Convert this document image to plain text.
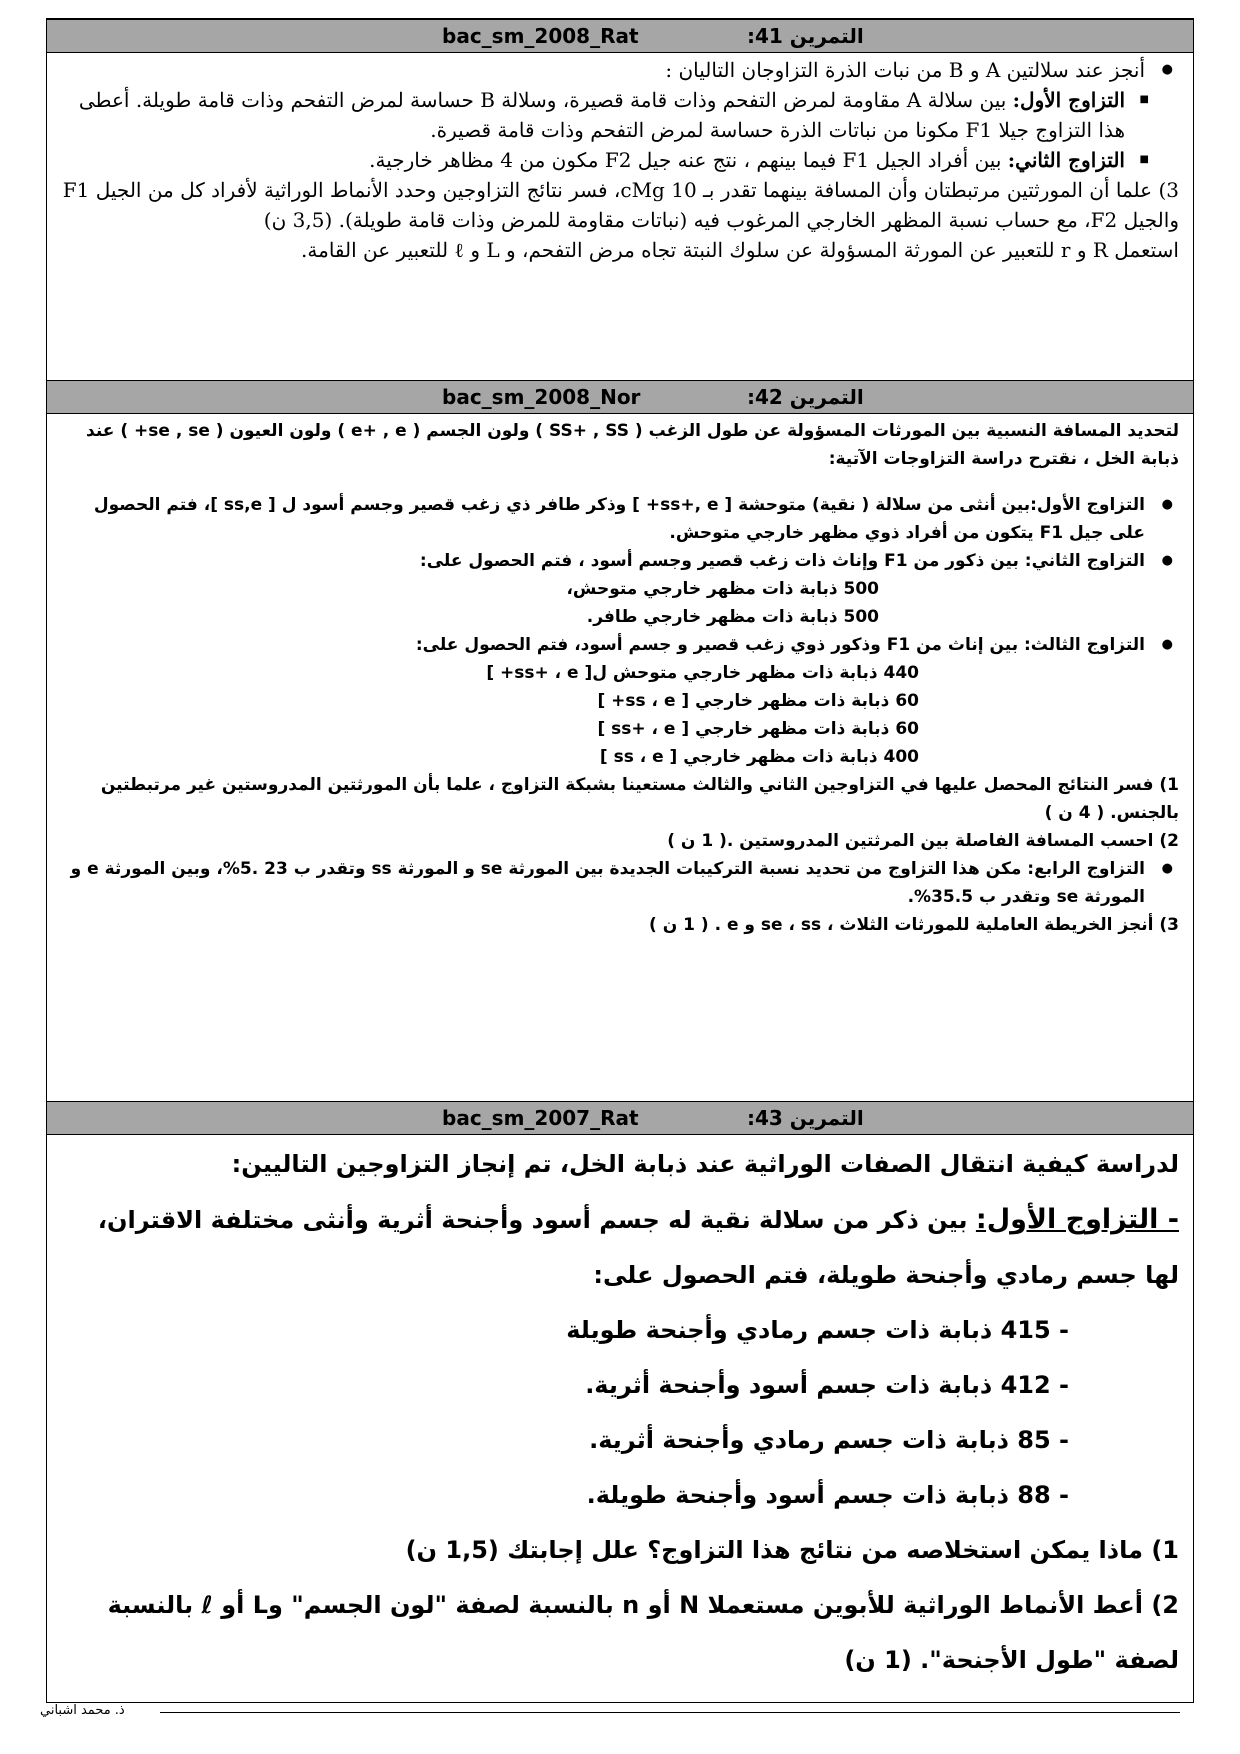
bac_sm_2008_Rat	التمرين 41:

● أنجز عند سلالتين A و B من نبات الذرة التزاوجان التاليان :

■ التزاوج الأول: بين سلالة A مقاومة لمرض التفحم وذات قامة قصيرة، وسلالة B حساسة لمرض التفحم وذات قامة طويلة. أعطى هذا التزاوج جيلا F1 مكونا من نباتات الذرة حساسة لمرض التفحم وذات قامة قصيرة.

■ التزاوج الثاني: بين أفراد الجيل F1 فيما بينهم ، نتج عنه جيل F2 مكون من 4 مظاهر خارجية.

3) علما أن المورثتين مرتبطتان وأن المسافة بينهما تقدر بـ 10 cMg، فسر نتائج التزاوجين وحدد الأنماط الوراثية لأفراد كل من الجيل F1 والجيل F2، مع حساب نسبة المظهر الخارجي المرغوب فيه (نباتات مقاومة للمرض وذات قامة طويلة). (3,5 ن)

استعمل R و r للتعبير عن المورثة المسؤولة عن سلوك النبتة تجاه مرض التفحم، و L و ℓ للتعبير عن القامة.

bac_sm_2008_Nor	التمرين 42:

لتحديد المسافة النسبية بين المورثات المسؤولة عن طول الزغب ( SS+ , SS ) ولون الجسم ( e+ , e ) ولون العيون ( se , se+ ) عند ذبابة الخل ، نقترح دراسة التزاوجات الآتية:

● التزاوج الأول:بين أنثى من سلالة ( نقية) متوحشة [ ss+, e+ ] وذكر طافر ذي زغب قصير وجسم أسود ل [ ss,e ]، فتم الحصول على جيل F1 يتكون من أفراد ذوي مظهر خارجي متوحش.

● التزاوج الثاني: بين ذكور من F1 وإناث ذات زغب قصير وجسم أسود ، فتم الحصول على:

500 ذبابة ذات مظهر خارجي متوحش،

500 ذبابة ذات مظهر خارجي طافر.

● التزاوج الثالث: بين إناث من F1 وذكور ذوي زغب قصير و جسم أسود، فتم الحصول على:

440 ذبابة ذات مظهر خارجي متوحش ل[ ss+ ، e+ ]

60 ذبابة ذات مظهر خارجي [ ss ، e+ ]

60 ذبابة ذات مظهر خارجي [ ss+ ، e ]

400 ذبابة ذات مظهر خارجي [ ss ، e ]

1) فسر النتائج المحصل عليها في التزاوجين الثاني والثالث مستعينا بشبكة التزاوج ، علما بأن المورثتين المدروستين غير مرتبطتين بالجنس. ( 4 ن )

2) احسب المسافة الفاصلة بين المرثتين المدروستين .( 1 ن )

● التزاوج الرابع: مكن هذا التزاوج من تحديد نسبة التركيبات الجديدة بين المورثة se و المورثة ss وتقدر ب 23 .5%، وبين المورثة e و المورثة se وتقدر ب 35.5%.

3) أنجز الخريطة العاملية للمورثات الثلاث ، se ، ss و e . ( 1 ن )

bac_sm_2007_Rat	التمرين 43:

لدراسة كيفية انتقال الصفات الوراثية عند ذبابة الخل، تم إنجاز التزاوجين التاليين:

- التزاوج الأول: بين ذكر من سلالة نقية له جسم أسود وأجنحة أثرية وأنثى مختلفة الاقتران، لها جسم رمادي وأجنحة طويلة، فتم الحصول على:

- 415 ذبابة ذات جسم رمادي وأجنحة طويلة

- 412 ذبابة ذات جسم أسود وأجنحة أثرية.

- 85 ذبابة ذات جسم رمادي وأجنحة أثرية.

- 88 ذبابة ذات جسم أسود وأجنحة طويلة.

1) ماذا يمكن استخلاصه من نتائج هذا التزاوج؟ علل إجابتك (1,5 ن)

2) أعط الأنماط الوراثية للأبوين مستعملا N أو n بالنسبة لصفة "لون الجسم" وL أو ℓ بالنسبة لصفة "طول الأجنحة". (1 ن)

ذ. محمد اشباني
